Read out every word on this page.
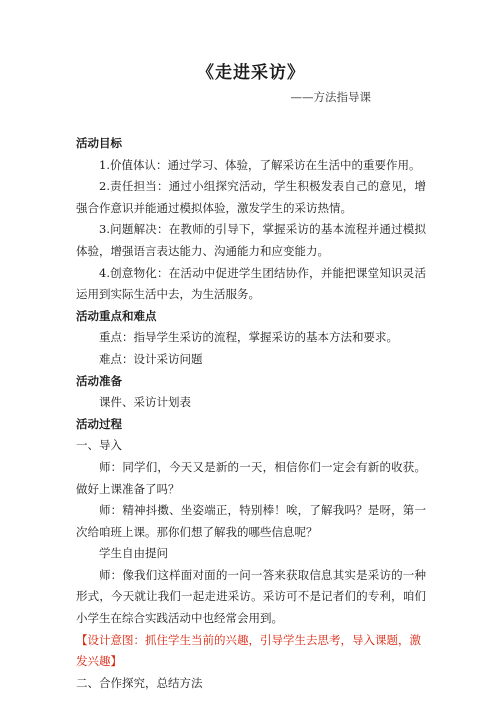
《走进采访》
——方法指导课
活动目标

1.价值体认：通过学习、体验，了解采访在生活中的重要作用。

2.责任担当：通过小组探究活动，学生积极发表自己的意见，增强合作意识并能通过模拟体验，激发学生的采访热情。

3.问题解决：在教师的引导下，掌握采访的基本流程并通过模拟体验，增强语言表达能力、沟通能力和应变能力。

4.创意物化：在活动中促进学生团结协作，并能把课堂知识灵活运用到实际生活中去，为生活服务。

活动重点和难点

重点：指导学生采访的流程，掌握采访的基本方法和要求。

难点：设计采访问题

活动准备

课件、采访计划表

活动过程

一、导入

师：同学们，今天又是新的一天，相信你们一定会有新的收获。做好上课准备了吗？

师：精神抖擞、坐姿端正，特别棒！唉，了解我吗？是呀，第一次给咱班上课。那你们想了解我的哪些信息呢？

学生自由提问

师：像我们这样面对面的一问一答来获取信息其实是采访的一种形式，今天就让我们一起走进采访。采访可不是记者们的专利，咱们小学生在综合实践活动中也经常会用到。

【设计意图：抓住学生当前的兴趣，引导学生去思考，导入课题，激发兴趣】

二、合作探究，总结方法
